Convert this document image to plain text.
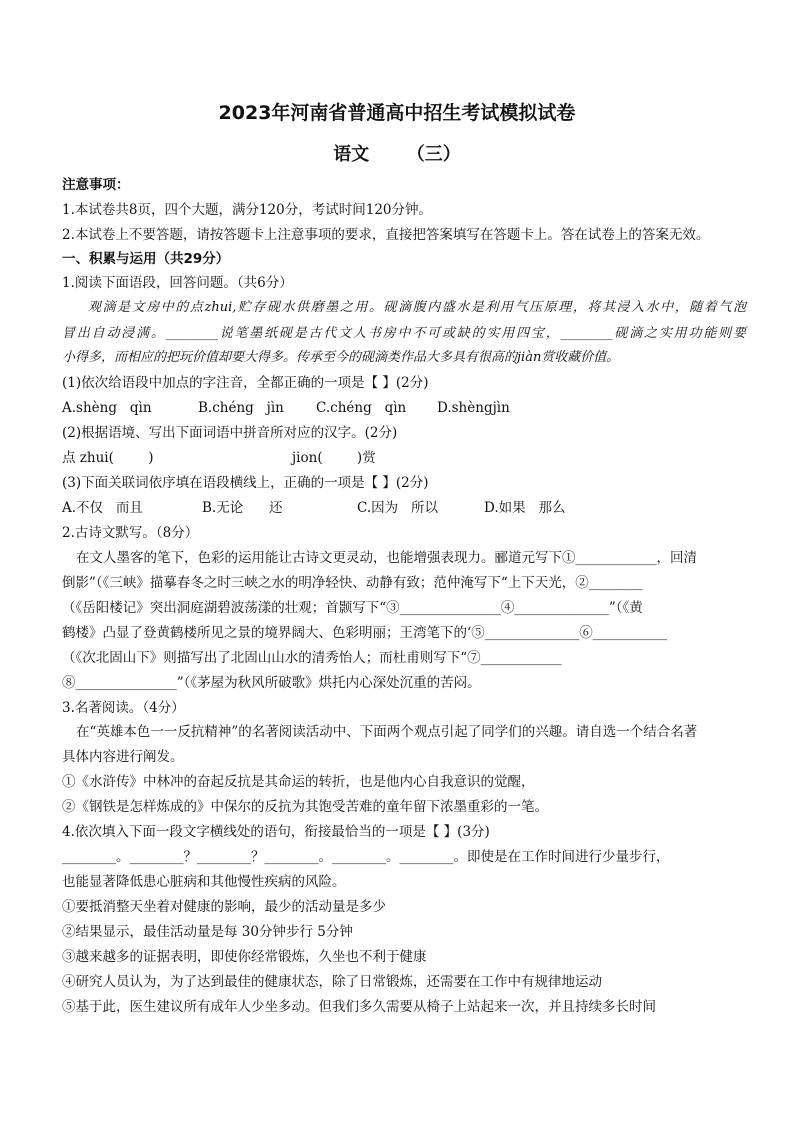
2023年河南省普通高中招生考试模拟试卷
语文      （三）
注意事项：
1.本试卷共8页，四个大题，满分120分，考试时间120分钟。
2.本试卷上不要答题，请按答题卡上注意事项的要求，直接把答案填写在答题卡上。答在试卷上的答案无效。
一、积累与运用（共29分）
1.阅读下面语段，回答问题。（共6分）
观滴是文房中的点zhui,贮存砚水供磨墨之用。砚滴腹内盛水是利用气压原理，将其浸入水中，随着气泡
冒出自动浸满。________说笔墨纸砚是古代文人书房中不可或缺的实用四宝，________砚滴之实用功能则要
小得多，而相应的把玩价值却要大得多。传承至今的砚滴类作品大多具有很高的jiàn赏收藏价值。
(1)依次给语段中加点的字注音，全都正确的一项是【 】(2分)
A.shèng   qìn	B.chéng   jìn C.chéng   qìn D.shèngjìn
(2)根据语境、写出下面词语中拼音所对应的汉字。(2分)
点 zhui(        )	jion(        )赏
(3)下面关联词依序填在语段横线上，正确的一项是【 】(2分)
A.不仅   而且	B.无论      还	C.因为   所以	D.如果   那么
2.古诗文默写。（8分）
在文人墨客的笔下，色彩的运用能让古诗文更灵动，也能增强表现力。郦道元写下①____________，回清
倒影”（《三峡》描摹春冬之时三峡之水的明净轻快、动静有致；范仲淹写下“上下天光，②________
（《岳阳楼记》突出洞庭湖碧波荡漾的壮观；首颢写下“③_______________④______________”（《黄
鹤楼》凸显了登黄鹤楼所见之景的境界阔大、色彩明丽；王湾笔下的‘⑤______________⑥___________
（《次北固山下》则描写出了北固山山水的清秀怡人；而杜甫则写下“⑦____________
⑧_______________”（《茅屋为秋风所破歌》烘托内心深处沉重的苦闷。
3.名著阅读。（4分）
在“英雄本色一一反抗精神”的名著阅读活动中、下面两个观点引起了同学们的兴趣。请自选一个结合名著
具体内容进行阐发。
①《水浒传》中林冲的奋起反抗是其命运的转折，也是他内心自我意识的觉醒，
②《钢铁是怎样炼成的》中保尔的反抗为其饱受苦难的童年留下浓墨重彩的一笔。
4.依次填入下面一段文字横线处的语句，衔接最恰当的一项是【 】(3分)
________。________？________？________。________。________。即使是在工作时间进行少量步行，
也能显著降低患心脏病和其他慢性疾病的风险。
①要抵消整天坐着对健康的影响，最少的活动量是多少
②结果显示，最佳活动量是每 30分钟步行 5分钟
③越来越多的证据表明，即使你经常锻炼，久坐也不利于健康
④研究人员认为，为了达到最佳的健康状态，除了日常锻炼，还需要在工作中有规律地运动
⑤基于此，医生建议所有成年人少坐多动。但我们多久需要从椅子上站起来一次，并且持续多长时间
